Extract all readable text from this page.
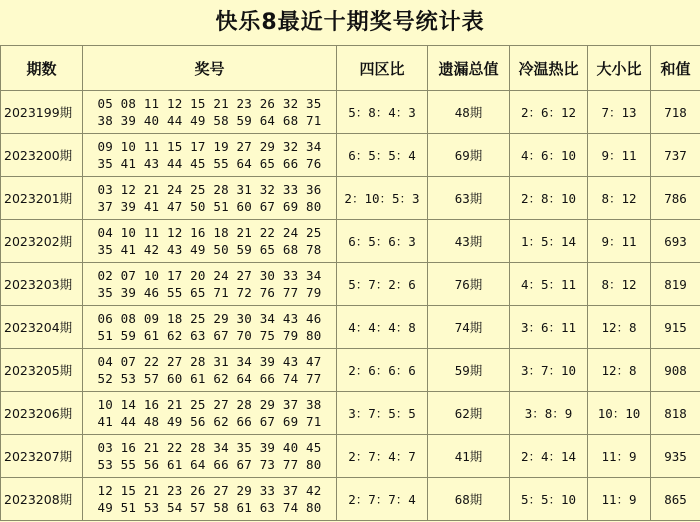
快乐8最近十期奖号统计表
期数	奖号	四区比	遗漏总值	冷温热比	大小比	和值
2023199期	05 08 11 12 15 21 23 26 32 35
38 39 40 44 49 58 59 64 68 71	5：8：4：3	48期	2：6：12	7：13	718
2023200期	09 10 11 15 17 19 27 29 32 34
35 41 43 44 45 55 64 65 66 76	6：5：5：4	69期	4：6：10	9：11	737
2023201期	03 12 21 24 25 28 31 32 33 36
37 39 41 47 50 51 60 67 69 80	2：10：5：3	63期	2：8：10	8：12	786
2023202期	04 10 11 12 16 18 21 22 24 25
35 41 42 43 49 50 59 65 68 78	6：5：6：3	43期	1：5：14	9：11	693
2023203期	02 07 10 17 20 24 27 30 33 34
35 39 46 55 65 71 72 76 77 79	5：7：2：6	76期	4：5：11	8：12	819
2023204期	06 08 09 18 25 29 30 34 43 46
51 59 61 62 63 67 70 75 79 80	4：4：4：8	74期	3：6：11	12：8	915
2023205期	04 07 22 27 28 31 34 39 43 47
52 53 57 60 61 62 64 66 74 77	2：6：6：6	59期	3：7：10	12：8	908
2023206期	10 14 16 21 25 27 28 29 37 38
41 44 48 49 56 62 66 67 69 71	3：7：5：5	62期	3：8：9	10：10	818
2023207期	03 16 21 22 28 34 35 39 40 45
53 55 56 61 64 66 67 73 77 80	2：7：4：7	41期	2：4：14	11：9	935
2023208期	12 15 21 23 26 27 29 33 37 42
49 51 53 54 57 58 61 63 74 80	2：7：7：4	68期	5：5：10	11：9	865
